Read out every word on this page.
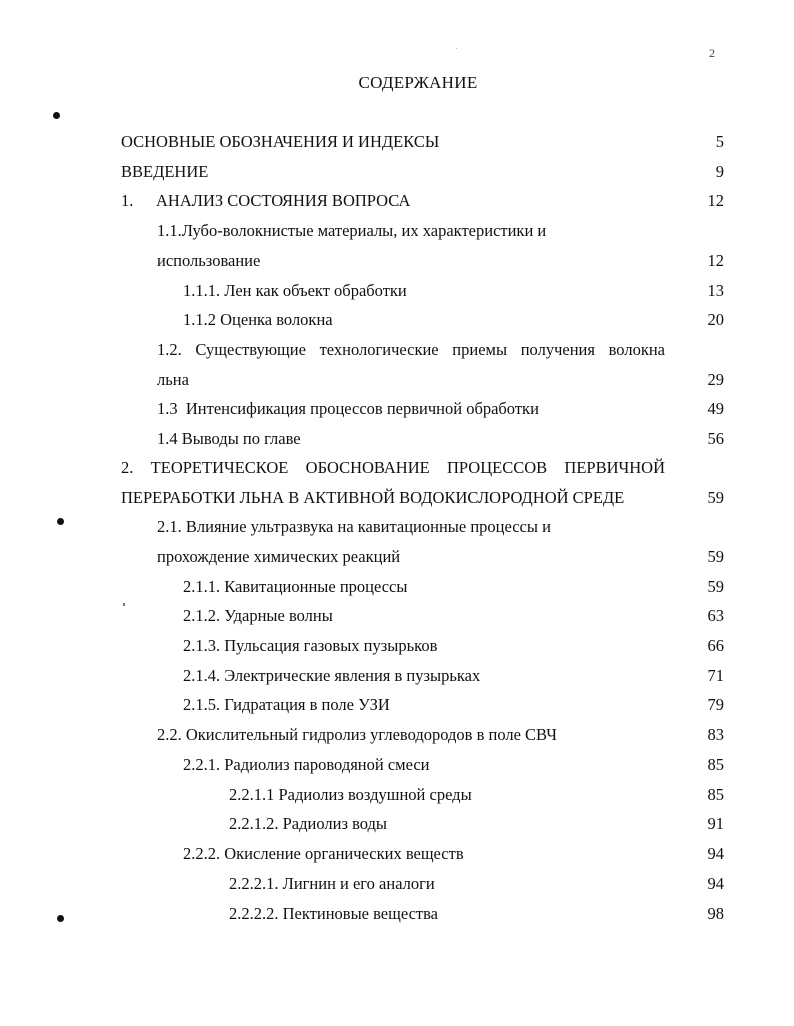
2
СОДЕРЖАНИЕ
ОСНОВНЫЕ ОБОЗНАЧЕНИЯ И ИНДЕКСЫ	5
ВВЕДЕНИЕ	9
1. АНАЛИЗ СОСТОЯНИЯ ВОПРОСА	12
1.1.Лубо-волокнистые материалы, их характеристики и
использование	12
1.1.1. Лен как объект обработки	13
1.1.2 Оценка волокна	20
1.2. Существующие технологические приемы получения волокна
льна	29
1.3  Интенсификация процессов первичной обработки	49
1.4 Выводы по главе	56
2. ТЕОРЕТИЧЕСКОЕ ОБОСНОВАНИЕ ПРОЦЕССОВ ПЕРВИЧНОЙ
ПЕРЕРАБОТКИ ЛЬНА В АКТИВНОЙ ВОДОКИСЛОРОДНОЙ СРЕДЕ	59
2.1. Влияние ультразвука на кавитационные процессы и
прохождение химических реакций	59
2.1.1. Кавитационные процессы	59
2.1.2. Ударные волны	63
2.1.3. Пульсация газовых пузырьков	66
2.1.4. Электрические явления в пузырьках	71
2.1.5. Гидратация в поле УЗИ	79
2.2. Окислительный гидролиз углеводородов в поле СВЧ	83
2.2.1. Радиолиз пароводяной смеси	85
2.2.1.1 Радиолиз воздушной среды	85
2.2.1.2. Радиолиз воды	91
2.2.2. Окисление органических веществ	94
2.2.2.1. Лигнин и его аналоги	94
2.2.2.2. Пектиновые вещества	98
